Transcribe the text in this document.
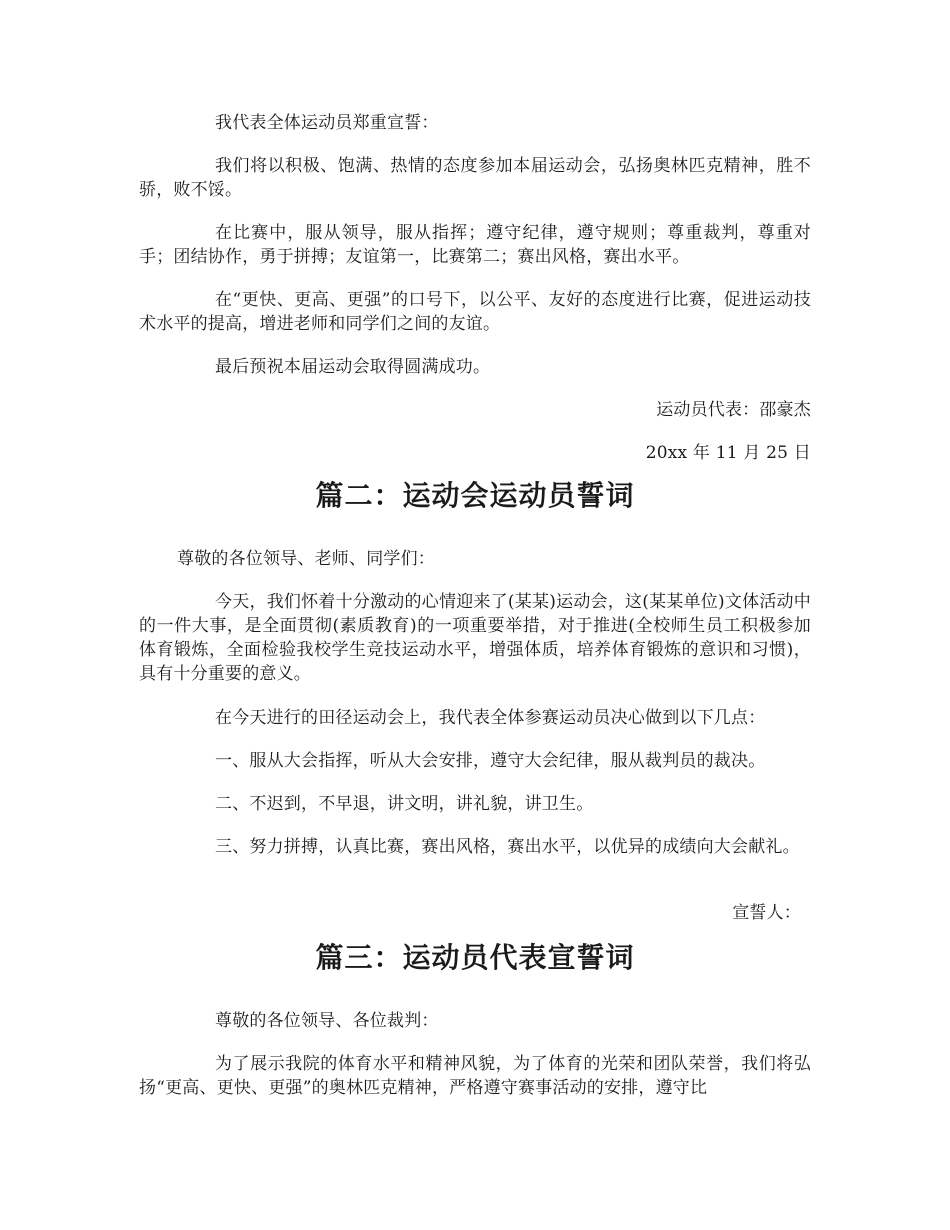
我代表全体运动员郑重宣誓：

我们将以积极、饱满、热情的态度参加本届运动会，弘扬奥林匹克精神，胜不骄，败不馁。

在比赛中，服从领导，服从指挥；遵守纪律，遵守规则；尊重裁判，尊重对手；团结协作，勇于拼搏；友谊第一，比赛第二；赛出风格，赛出水平。

在“更快、更高、更强”的口号下，以公平、友好的态度进行比赛，促进运动技术水平的提高，增进老师和同学们之间的友谊。

最后预祝本届运动会取得圆满成功。

运动员代表：邵豪杰

20xx 年 11 月 25 日

篇二：运动会运动员誓词

尊敬的各位领导、老师、同学们：

今天，我们怀着十分激动的心情迎来了(某某)运动会，这(某某单位)文体活动中的一件大事，是全面贯彻(素质教育)的一项重要举措，对于推进(全校师生员工积极参加体育锻炼，全面检验我校学生竞技运动水平，增强体质，培养体育锻炼的意识和习惯)，具有十分重要的意义。

在今天进行的田径运动会上，我代表全体参赛运动员决心做到以下几点：

一、服从大会指挥，听从大会安排，遵守大会纪律，服从裁判员的裁决。

二、不迟到，不早退，讲文明，讲礼貌，讲卫生。

三、努力拼搏，认真比赛，赛出风格，赛出水平，以优异的成绩向大会献礼。

宣誓人：

篇三：运动员代表宣誓词

尊敬的各位领导、各位裁判：

为了展示我院的体育水平和精神风貌，为了体育的光荣和团队荣誉，我们将弘扬“更高、更快、更强”的奥林匹克精神，严格遵守赛事活动的安排，遵守比
